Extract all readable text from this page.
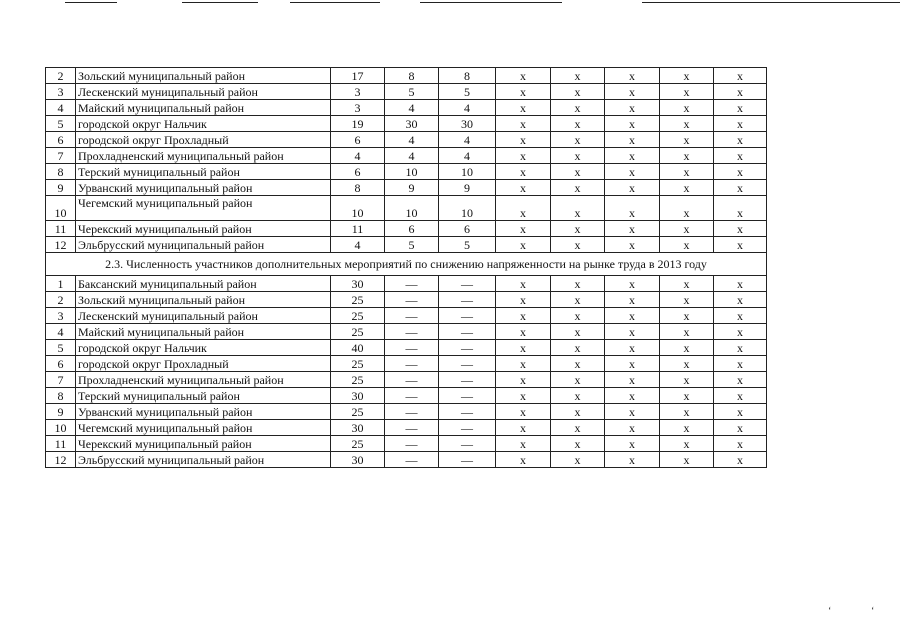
2	Зольский муниципальный район	17	8	8	x	x	x	x	x
3	Лескенский муниципальный район	3	5	5	x	x	x	x	x
4	Майский муниципальный район	3	4	4	x	x	x	x	x
5	городской округ Нальчик	19	30	30	x	x	x	x	x
6	городской округ Прохладный	6	4	4	x	x	x	x	x
7	Прохладненский муниципальный район	4	4	4	x	x	x	x	x
8	Терский муниципальный район	6	10	10	x	x	x	x	x
9	Урванский муниципальный район	8	9	9	x	x	x	x	x
10	Чегемский муниципальный район	10	10	10	x	x	x	x	x
11	Черекский муниципальный район	11	6	6	x	x	x	x	x
12	Эльбрусский муниципальный район	4	5	5	x	x	x	x	x
2.3. Численность участников дополнительных мероприятий по снижению напряженности на рынке труда в 2013 году									
1	Баксанский муниципальный район	30	—	—	x	x	x	x	x
2	Зольский муниципальный район	25	—	—	x	x	x	x	x
3	Лескенский муниципальный район	25	—	—	x	x	x	x	x
4	Майский муниципальный район	25	—	—	x	x	x	x	x
5	городской округ Нальчик	40	—	—	x	x	x	x	x
6	городской округ Прохладный	25	—	—	x	x	x	x	x
7	Прохладненский муниципальный район	25	—	—	x	x	x	x	x
8	Терский муниципальный район	30	—	—	x	x	x	x	x
9	Урванский муниципальный район	25	—	—	x	x	x	x	x
10	Чегемский муниципальный район	30	—	—	x	x	x	x	x
11	Черекский муниципальный район	25	—	—	x	x	x	x	x
12	Эльбрусский муниципальный район	30	—	—	x	x	x	x	x
‘	‘
